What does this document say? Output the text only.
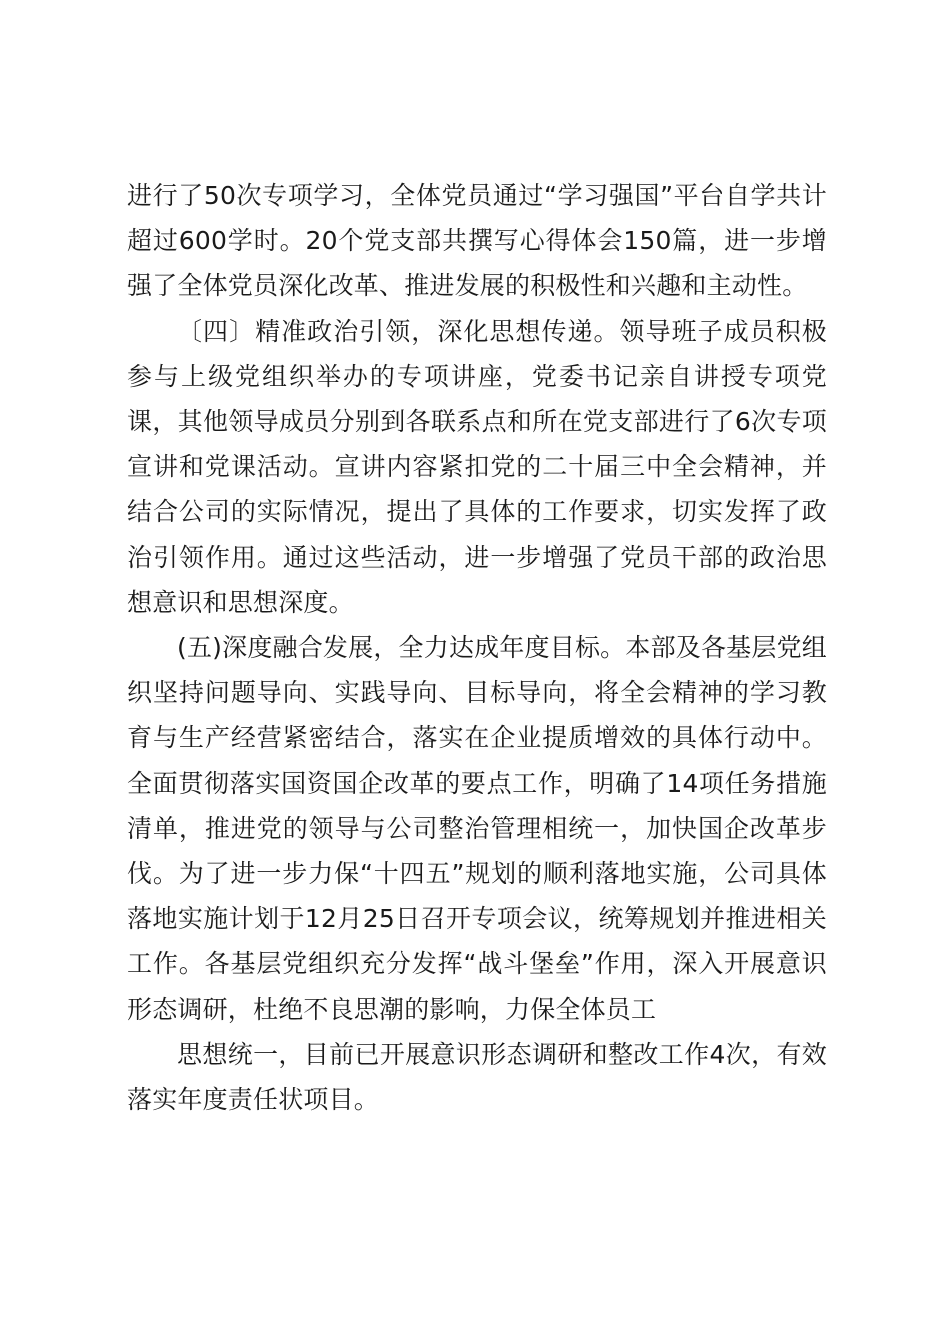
进行了50次专项学习，全体党员通过“学习强国”平台自学共计超过600学时。20个党支部共撰写心得体会150篇，进一步增强了全体党员深化改革、推进发展的积极性和兴趣和主动性。

〔四〕精准政治引领，深化思想传递。领导班子成员积极参与上级党组织举办的专项讲座，党委书记亲自讲授专项党课，其他领导成员分别到各联系点和所在党支部进行了6次专项宣讲和党课活动。宣讲内容紧扣党的二十届三中全会精神，并结合公司的实际情况，提出了具体的工作要求，切实发挥了政治引领作用。通过这些活动，进一步增强了党员干部的政治思想意识和思想深度。

(五)深度融合发展，全力达成年度目标。本部及各基层党组织坚持问题导向、实践导向、目标导向，将全会精神的学习教育与生产经营紧密结合，落实在企业提质增效的具体行动中。全面贯彻落实国资国企改革的要点工作，明确了14项任务措施清单，推进党的领导与公司整治管理相统一，加快国企改革步伐。为了进一步力保“十四五”规划的顺利落地实施，公司具体落地实施计划于12月25日召开专项会议，统筹规划并推进相关工作。各基层党组织充分发挥“战斗堡垒”作用，深入开展意识形态调研，杜绝不良思潮的影响，力保全体员工

思想统一，目前已开展意识形态调研和整改工作4次，有效落实年度责任状项目。
